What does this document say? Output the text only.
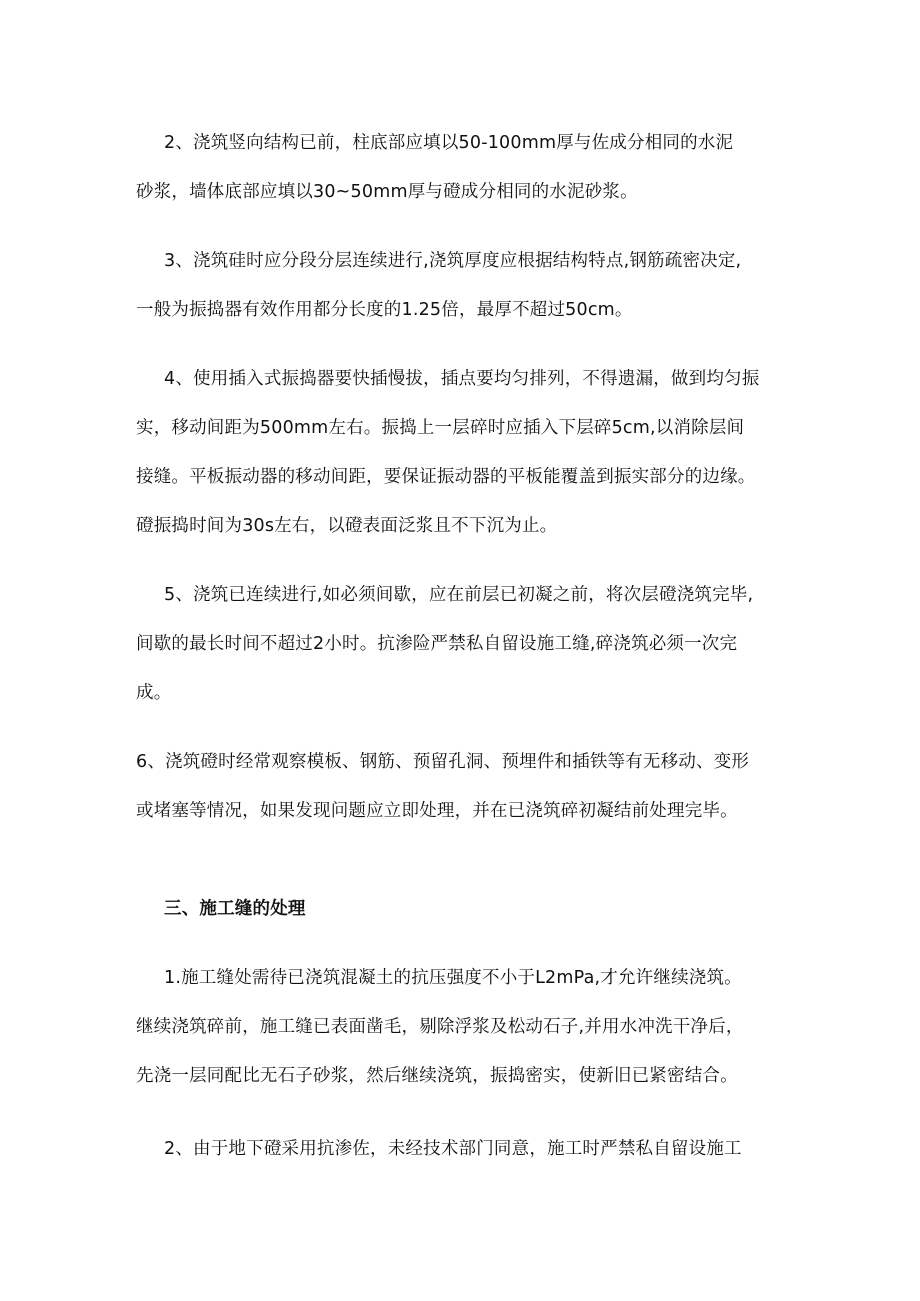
2、浇筑竖向结构已前，柱底部应填以50-100mm厚与佐成分相同的水泥
砂浆，墙体底部应填以30~50mm厚与磴成分相同的水泥砂浆。
3、浇筑硅时应分段分层连续进行,浇筑厚度应根据结构特点,钢筋疏密决定,
一般为振捣器有效作用都分长度的1.25倍，最厚不超过50cm。
4、使用插入式振捣器要快插慢拔，插点要均匀排列，不得遗漏，做到均匀振
实，移动间距为500mm左右。振捣上一层碎时应插入下层碎5cm,以消除层间
接缝。平板振动器的移动间距，要保证振动器的平板能覆盖到振实部分的边缘。
磴振捣时间为30s左右，以磴表面泛浆且不下沉为止。
5、浇筑已连续进行,如必须间歇，应在前层已初凝之前，将次层磴浇筑完毕,
间歇的最长时间不超过2小时。抗渗险严禁私自留设施工缝,碎浇筑必须一次完
成。
6、浇筑磴时经常观察模板、钢筋、预留孔洞、预埋件和插铁等有无移动、变形
或堵塞等情况，如果发现问题应立即处理，并在已浇筑碎初凝结前处理完毕。
三、施工缝的处理
1.施工缝处需待已浇筑混凝土的抗压强度不小于L2mPa,才允许继续浇筑。
继续浇筑碎前，施工缝已表面凿毛，剔除浮浆及松动石子,并用水冲洗干净后，
先浇一层同配比无石子砂浆，然后继续浇筑，振捣密实，使新旧已紧密结合。
2、由于地下磴采用抗渗佐，未经技术部门同意，施工时严禁私自留设施工
